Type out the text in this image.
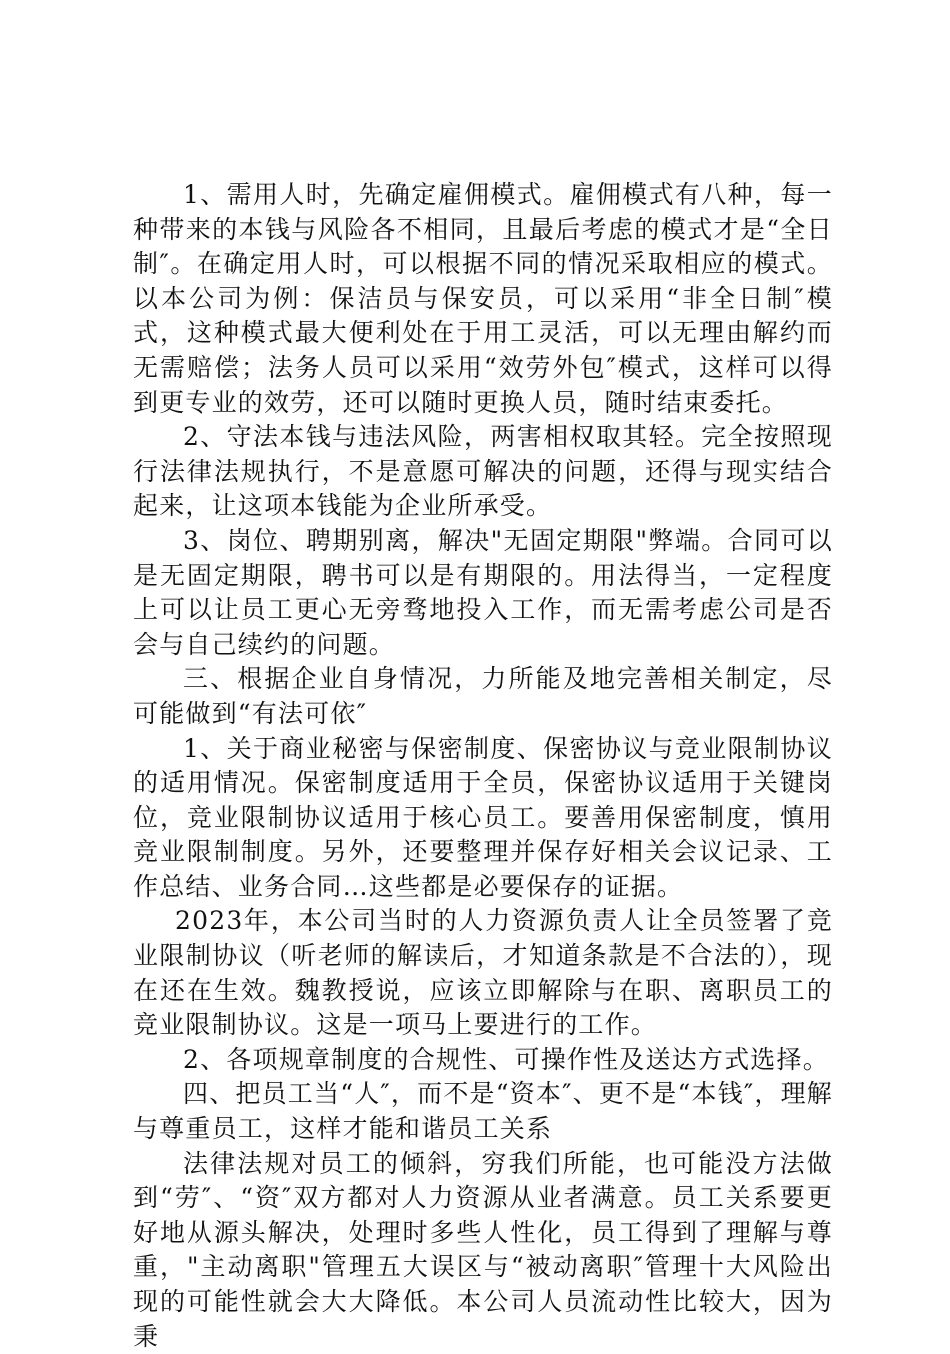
1、需用人时，先确定雇佣模式。雇佣模式有八种，每一种带来的本钱与风险各不相同，且最后考虑的模式才是“全日制″。在确定用人时，可以根据不同的情况采取相应的模式。以本公司为例：保洁员与保安员，可以采用“非全日制″模式，这种模式最大便利处在于用工灵活，可以无理由解约而无需赔偿；法务人员可以采用“效劳外包″模式，这样可以得到更专业的效劳，还可以随时更换人员，随时结束委托。

2、守法本钱与违法风险，两害相权取其轻。完全按照现行法律法规执行，不是意愿可解决的问题，还得与现实结合起来，让这项本钱能为企业所承受。

3、岗位、聘期别离，解决"无固定期限"弊端。合同可以是无固定期限，聘书可以是有期限的。用法得当，一定程度上可以让员工更心无旁骛地投入工作，而无需考虑公司是否会与自己续约的问题。

三、根据企业自身情况，力所能及地完善相关制定，尽可能做到“有法可依″

1、关于商业秘密与保密制度、保密协议与竞业限制协议的适用情况。保密制度适用于全员，保密协议适用于关键岗位，竞业限制协议适用于核心员工。要善用保密制度，慎用竞业限制制度。另外，还要整理并保存好相关会议记录、工作总结、业务合同…这些都是必要保存的证据。

2023年，本公司当时的人力资源负责人让全员签署了竞业限制协议（听老师的解读后，才知道条款是不合法的），现在还在生效。魏教授说，应该立即解除与在职、离职员工的竞业限制协议。这是一项马上要进行的工作。

2、各项规章制度的合规性、可操作性及送达方式选择。

四、把员工当“人″，而不是“资本″、更不是“本钱″，理解与尊重员工，这样才能和谐员工关系

法律法规对员工的倾斜，穷我们所能，也可能没方法做到“劳″、“资″双方都对人力资源从业者满意。员工关系要更好地从源头解决，处理时多些人性化，员工得到了理解与尊重，"主动离职"管理五大误区与“被动离职″管理十大风险出现的可能性就会大大降低。本公司人员流动性比较大，因为秉
